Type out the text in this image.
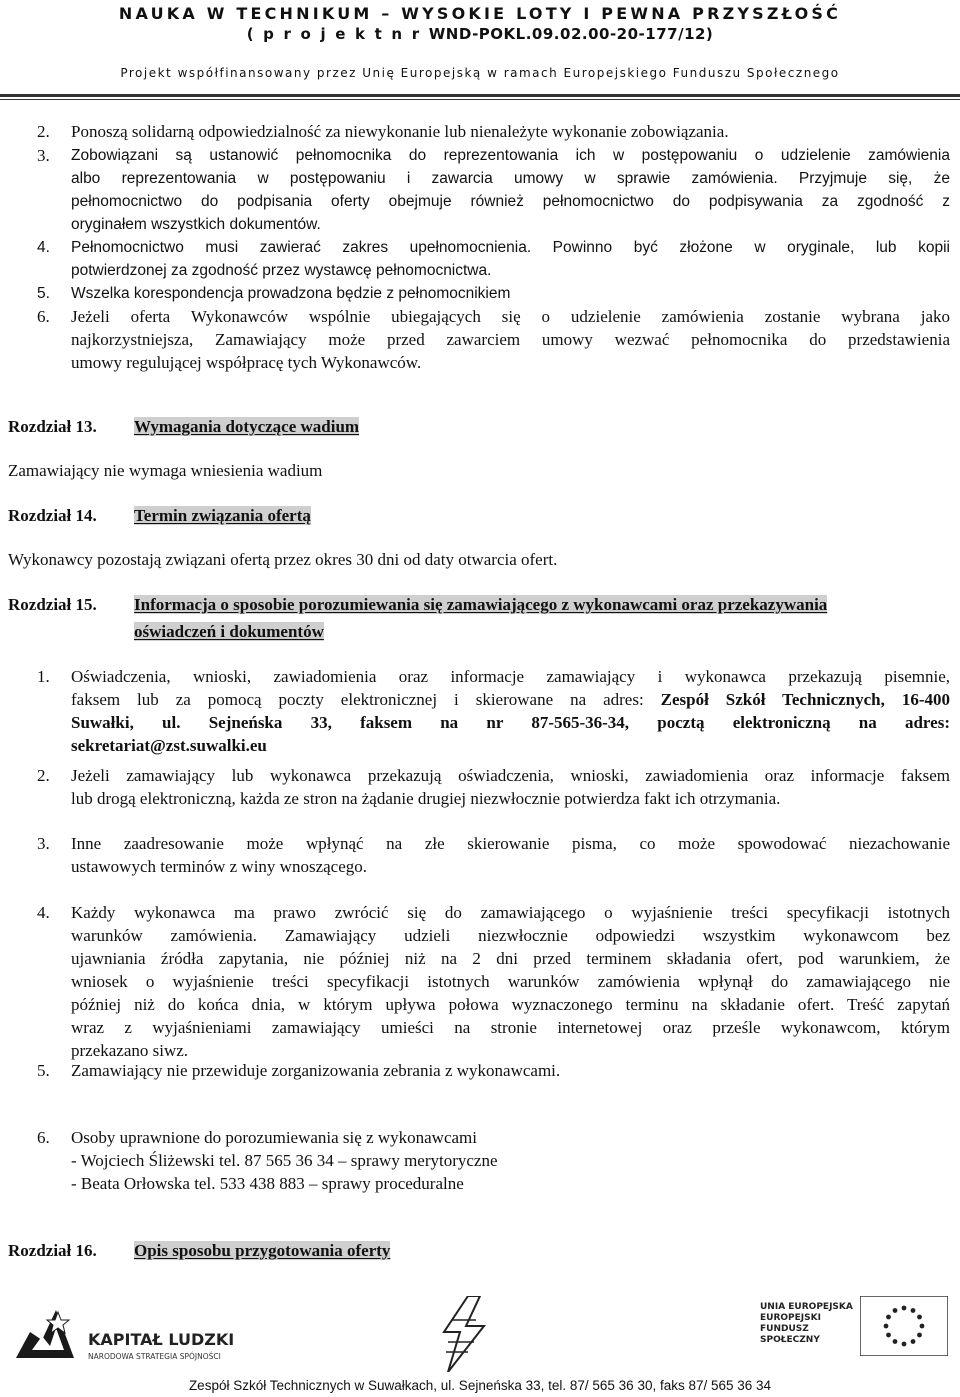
NAUKA W TECHNIKUM – WYSOKIE LOTY I PEWNA PRZYSZŁOŚĆ
( p r o j e k t n r WND-POKL.09.02.00-20-177/12)
Projekt współfinansowany przez Unię Europejską w ramach Europejskiego Funduszu Społecznego
2. Ponoszą solidarną odpowiedzialność za niewykonanie lub nienależyte wykonanie zobowiązania.
3. Zobowiązani są ustanowić pełnomocnika do reprezentowania ich w postępowaniu o udzielenie zamówienia
albo reprezentowania w postępowaniu i zawarcia umowy w sprawie zamówienia. Przyjmuje się, że
pełnomocnictwo do podpisania oferty obejmuje również pełnomocnictwo do podpisywania za zgodność z
oryginałem wszystkich dokumentów.
4. Pełnomocnictwo musi zawierać zakres upełnomocnienia. Powinno być złożone w oryginale, lub kopii
potwierdzonej za zgodność przez wystawcę pełnomocnictwa.
5. Wszelka korespondencja prowadzona będzie z pełnomocnikiem
6. Jeżeli oferta Wykonawców wspólnie ubiegających się o udzielenie zamówienia zostanie wybrana jako
najkorzystniejsza, Zamawiający może przed zawarciem umowy wezwać pełnomocnika do przedstawienia
umowy regulującej współpracę tych Wykonawców.
Rozdział 13. Wymagania dotyczące wadium
Zamawiający nie wymaga wniesienia wadium
Rozdział 14. Termin związania ofertą
Wykonawcy pozostają związani ofertą przez okres 30 dni od daty otwarcia ofert.
Rozdział 15. Informacja o sposobie porozumiewania się zamawiającego z wykonawcami oraz przekazywania
oświadczeń i dokumentów
1. Oświadczenia, wnioski, zawiadomienia oraz informacje zamawiający i wykonawca przekazują pisemnie,
faksem lub za pomocą poczty elektronicznej i skierowane na adres: Zespół Szkół Technicznych, 16-400
Suwałki, ul. Sejneńska 33, faksem na nr 87-565-36-34, pocztą elektroniczną na adres:
sekretariat@zst.suwalki.eu
2. Jeżeli zamawiający lub wykonawca przekazują oświadczenia, wnioski, zawiadomienia oraz informacje faksem
lub drogą elektroniczną, każda ze stron na żądanie drugiej niezwłocznie potwierdza fakt ich otrzymania.
3. Inne zaadresowanie może wpłynąć na złe skierowanie pisma, co może spowodować niezachowanie
ustawowych terminów z winy wnoszącego.
4. Każdy wykonawca ma prawo zwrócić się do zamawiającego o wyjaśnienie treści specyfikacji istotnych
warunków zamówienia. Zamawiający udzieli niezwłocznie odpowiedzi wszystkim wykonawcom bez
ujawniania źródła zapytania, nie później niż na 2 dni przed terminem składania ofert, pod warunkiem, że
wniosek o wyjaśnienie treści specyfikacji istotnych warunków zamówienia wpłynął do zamawiającego nie
później niż do końca dnia, w którym upływa połowa wyznaczonego terminu na składanie ofert. Treść zapytań
wraz z wyjaśnieniami zamawiający umieści na stronie internetowej oraz prześle wykonawcom, którym
przekazano siwz.
5. Zamawiający nie przewiduje zorganizowania zebrania z wykonawcami.
6. Osoby uprawnione do porozumiewania się z wykonawcami
- Wojciech Śliżewski tel. 87 565 36 34 – sprawy merytoryczne
- Beata Orłowska tel. 533 438 883 – sprawy proceduralne
Rozdział 16. Opis sposobu przygotowania oferty
KAPITAŁ LUDZKI
NARODOWA STRATEGIA SPÓJNOŚCI
UNIA EUROPEJSKA
EUROPEJSKI
FUNDUSZ SPOŁECZNY
Zespół Szkół Technicznych w Suwałkach, ul. Sejneńska 33, tel. 87/ 565 36 30, faks 87/ 565 36 34
